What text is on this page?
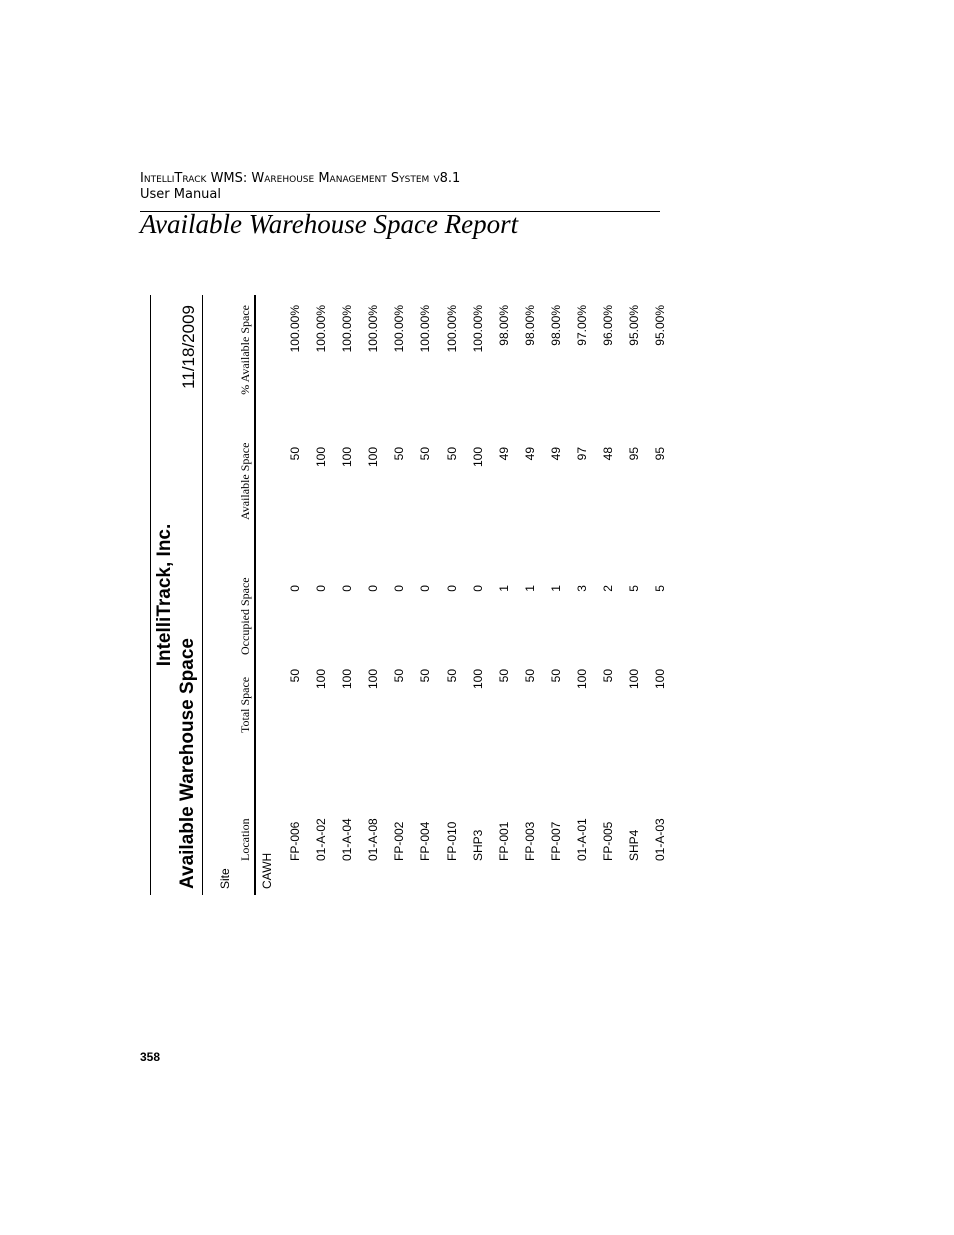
IntelliTrack WMS: Warehouse Management System v8.1
User Manual
Available Warehouse Space Report
IntelliTrack, Inc.
Available Warehouse Space
11/18/2009
Site
Location
Total Space
Occupied Space
Available Space
% Available Space
CAWH
FP-006
50
0
50
100.00%
01-A-02
100
0
100
100.00%
01-A-04
100
0
100
100.00%
01-A-08
100
0
100
100.00%
FP-002
50
0
50
100.00%
FP-004
50
0
50
100.00%
FP-010
50
0
50
100.00%
SHP3
100
0
100
100.00%
FP-001
50
1
49
98.00%
FP-003
50
1
49
98.00%
FP-007
50
1
49
98.00%
01-A-01
100
3
97
97.00%
FP-005
50
2
48
96.00%
SHP4
100
5
95
95.00%
01-A-03
100
5
95
95.00%
358
